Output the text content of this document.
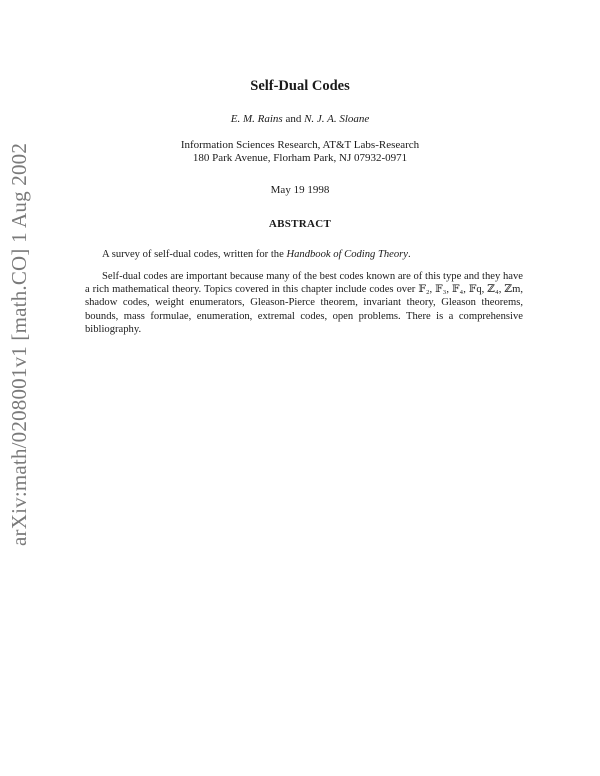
arXiv:math/0208001v1 [math.CO] 1 Aug 2002
Self-Dual Codes
E. M. Rains and N. J. A. Sloane
Information Sciences Research, AT&T Labs-Research
180 Park Avenue, Florham Park, NJ 07932-0971
May 19 1998
ABSTRACT
A survey of self-dual codes, written for the Handbook of Coding Theory.
Self-dual codes are important because many of the best codes known are of this type and they have a rich mathematical theory. Topics covered in this chapter include codes over 𝔽₂, 𝔽₃, 𝔽₄, 𝔽q, ℤ₄, ℤm, shadow codes, weight enumerators, Gleason-Pierce theorem, invariant theory, Gleason theorems, bounds, mass formulae, enumeration, extremal codes, open problems. There is a comprehensive bibliography.
